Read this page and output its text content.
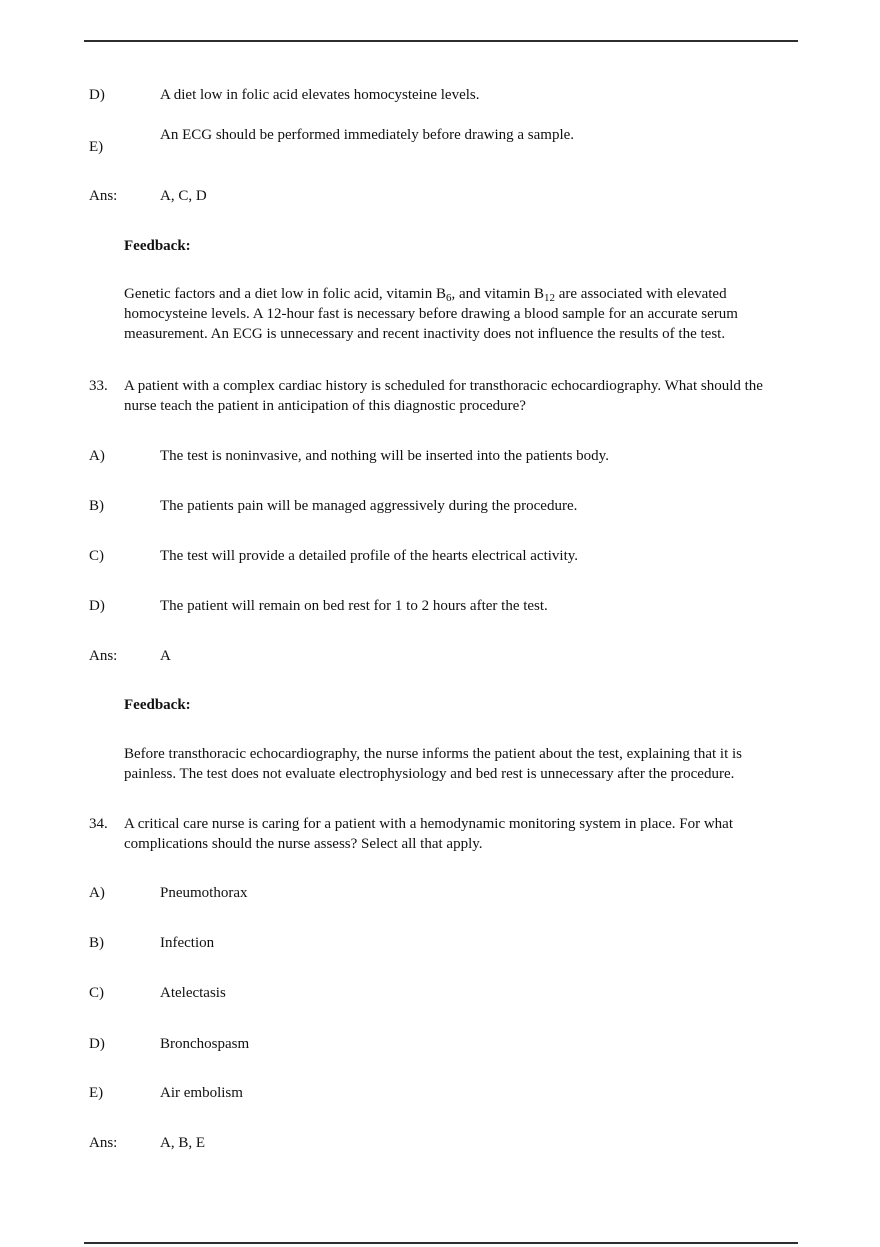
D)	A diet low in folic acid elevates homocysteine levels.
E)
An ECG should be performed immediately before drawing a sample.
Ans:	A, C, D
Feedback:
Genetic factors and a diet low in folic acid, vitamin $B_6$, and vitamin $B_{12}$ are associated with elevated homocysteine levels. A 12-hour fast is necessary before drawing a blood sample for an accurate serum measurement. An ECG is unnecessary and recent inactivity does not influence the results of the test.
33. A patient with a complex cardiac history is scheduled for transthoracic echocardiography. What should the nurse teach the patient in anticipation of this diagnostic procedure?
A)	The test is noninvasive, and nothing will be inserted into the patients body.
B)	The patients pain will be managed aggressively during the procedure.
C)	The test will provide a detailed profile of the hearts electrical activity.
D)	The patient will remain on bed rest for 1 to 2 hours after the test.
Ans:	A
Feedback:
Before transthoracic echocardiography, the nurse informs the patient about the test, explaining that it is painless. The test does not evaluate electrophysiology and bed rest is unnecessary after the procedure.
34. A critical care nurse is caring for a patient with a hemodynamic monitoring system in place. For what complications should the nurse assess? Select all that apply.
A)	Pneumothorax
B)	Infection
C)	Atelectasis
D)	Bronchospasm
E)	Air embolism
Ans:	A, B, E
